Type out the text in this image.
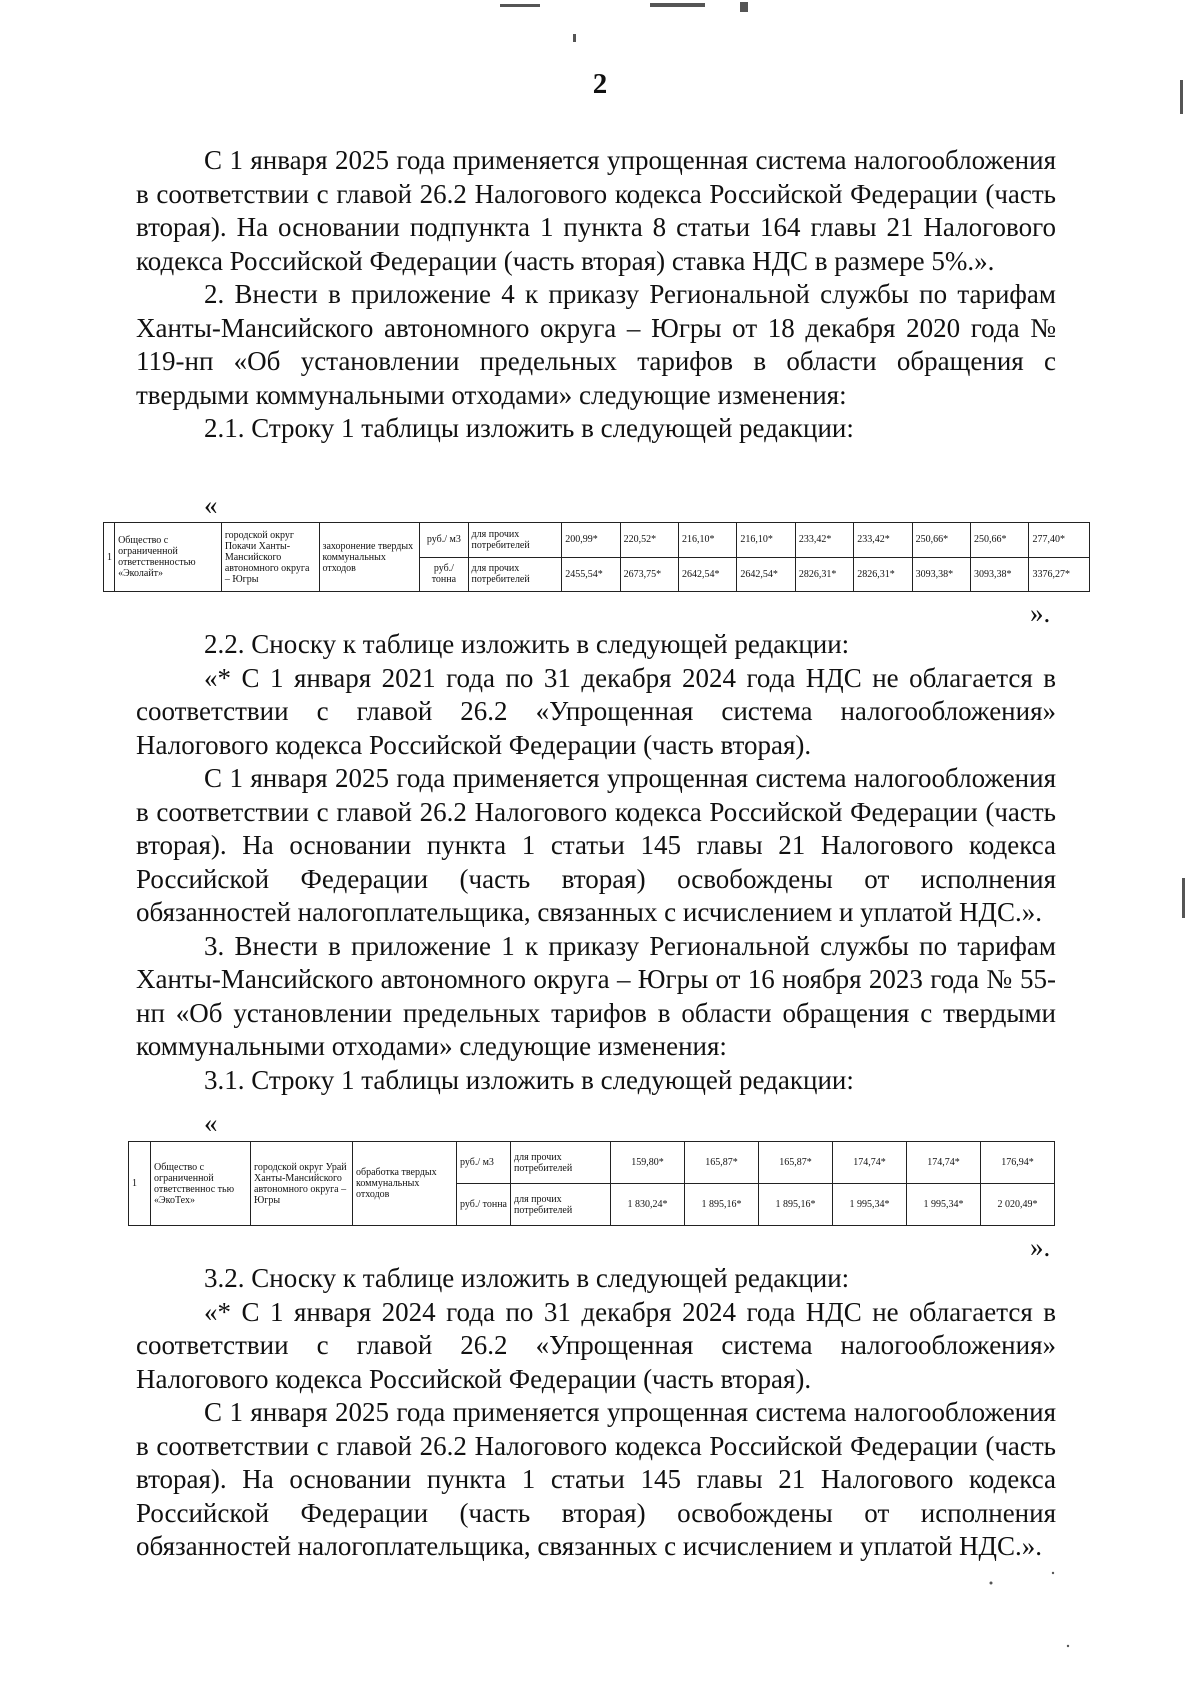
2

С 1 января 2025 года применяется упрощенная система налогообложения в соответствии с главой 26.2 Налогового кодекса Российской Федерации (часть вторая). На основании подпункта 1 пункта 8 статьи 164 главы 21 Налогового кодекса Российской Федерации (часть вторая) ставка НДС в размере 5%.».

2. Внести в приложение 4 к приказу Региональной службы по тарифам Ханты-Мансийского автономного округа – Югры от 18 декабря 2020 года № 119-нп «Об установлении предельных тарифов в области обращения с твердыми коммунальными отходами» следующие изменения:

2.1. Строку 1 таблицы изложить в следующей редакции:

«
1	Общество с ограниченной ответственностью «Эколайт»	городской округ Покачи Ханты-Мансийского автономного округа – Югры	захоронение твердых коммунальных отходов	руб./ м3	для прочих потребителей	200,99*	220,52*	216,10*	216,10*	233,42*	233,42*	250,66*	250,66*	277,40*
				руб./ тонна	для прочих потребителей	2455,54*	2673,75*	2642,54*	2642,54*	2826,31*	2826,31*	3093,38*	3093,38*	3376,27*
».

2.2. Сноску к таблице изложить в следующей редакции:

«* С 1 января 2021 года по 31 декабря 2024 года НДС не облагается в соответствии с главой 26.2 «Упрощенная система налогообложения» Налогового кодекса Российской Федерации (часть вторая).

С 1 января 2025 года применяется упрощенная система налогообложения в соответствии с главой 26.2 Налогового кодекса Российской Федерации (часть вторая). На основании пункта 1 статьи 145 главы 21 Налогового кодекса Российской Федерации (часть вторая) освобождены от исполнения обязанностей налогоплательщика, связанных с исчислением и уплатой НДС.».

3. Внести в приложение 1 к приказу Региональной службы по тарифам Ханты-Мансийского автономного округа – Югры от 16 ноября 2023 года № 55-нп «Об установлении предельных тарифов в области обращения с твердыми коммунальными отходами» следующие изменения:

3.1. Строку 1 таблицы изложить в следующей редакции:

«
1	Общество с ограниченной ответственнос тью «ЭкоТех»	городской округ Урай Ханты-Мансийского автономного округа – Югры	обработка твердых коммунальных отходов	руб./ м3	для прочих потребителей	159,80*	165,87*	165,87*	174,74*	174,74*	176,94*
				руб./ тонна	для прочих потребителей	1 830,24*	1 895,16*	1 895,16*	1 995,34*	1 995,34*	2 020,49*
».

3.2. Сноску к таблице изложить в следующей редакции:

«* С 1 января 2024 года по 31 декабря 2024 года НДС не облагается в соответствии с главой 26.2 «Упрощенная система налогообложения» Налогового кодекса Российской Федерации (часть вторая).

С 1 января 2025 года применяется упрощенная система налогообложения в соответствии с главой 26.2 Налогового кодекса Российской Федерации (часть вторая). На основании пункта 1 статьи 145 главы 21 Налогового кодекса Российской Федерации (часть вторая) освобождены от исполнения обязанностей налогоплательщика, связанных с исчислением и уплатой НДС.».
